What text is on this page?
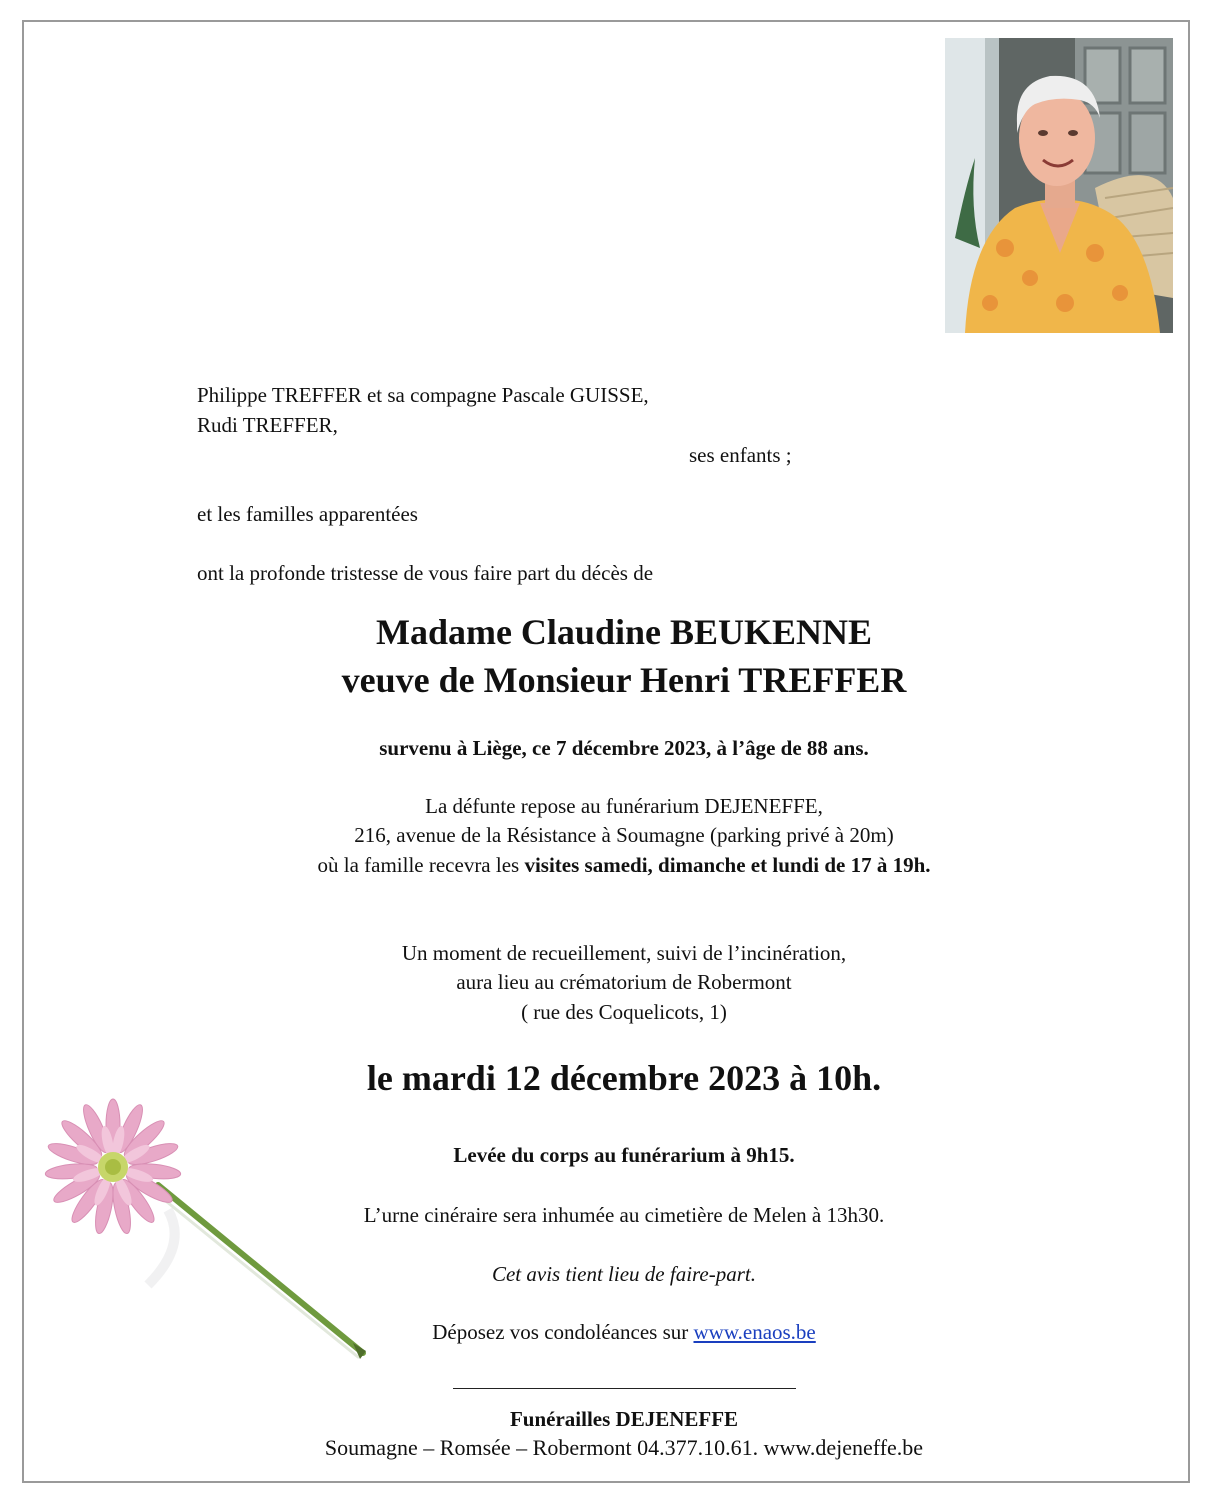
Philippe TREFFER et sa compagne Pascale GUISSE,
Rudi TREFFER,
ses enfants ;
et les familles apparentées
ont la profonde tristesse de vous faire part du décès de
Madame Claudine BEUKENNE
veuve de Monsieur Henri TREFFER
survenu à Liège, ce 7 décembre 2023, à l’âge de 88 ans.
La défunte repose au funérarium DEJENEFFE,
216, avenue de la Résistance à Soumagne (parking privé à 20m)
où la famille recevra les visites samedi, dimanche et lundi de 17 à 19h.
Un moment de recueillement, suivi de l’incinération,
aura lieu au crématorium de Robermont
( rue des Coquelicots, 1)
le mardi 12 décembre 2023 à 10h.
Levée du corps au funérarium à 9h15.
L’urne cinéraire sera inhumée au cimetière de Melen à 13h30.
Cet avis tient lieu de faire-part.
Déposez vos condoléances sur www.enaos.be
Funérailles DEJENEFFE
Soumagne – Romsée – Robermont 04.377.10.61. www.dejeneffe.be
